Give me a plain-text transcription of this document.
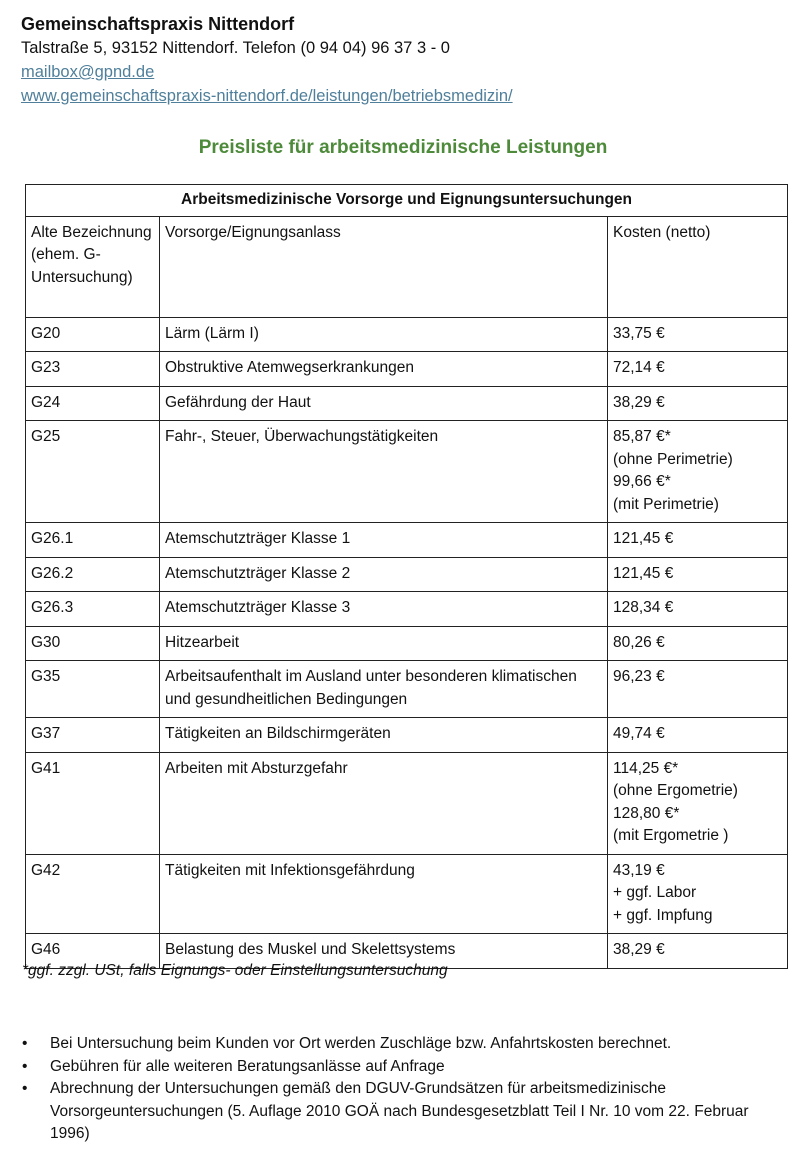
Gemeinschaftspraxis Nittendorf
Talstraße 5, 93152 Nittendorf. Telefon (0 94 04) 96 37 3 - 0
mailbox@gpnd.de
www.gemeinschaftspraxis-nittendorf.de/leistungen/betriebsmedizin/
Preisliste für arbeitsmedizinische Leistungen
Arbeitsmedizinische Vorsorge und Eignungsuntersuchungen		
Alte Bezeichnung (ehem. G-Untersuchung)	Vorsorge/Eignungsanlass	Kosten (netto)
G20	Lärm (Lärm I)	33,75 €

G23	Obstruktive Atemwegserkrankungen	72,14 €

G24	Gefährdung der Haut	38,29 €

G25	Fahr-, Steuer, Überwachungstätigkeiten	85,87 €*
(ohne Perimetrie)
99,66 €*
(mit Perimetrie)

G26.1	Atemschutzträger Klasse 1	121,45 €

G26.2	Atemschutzträger Klasse 2	121,45 €

G26.3	Atemschutzträger Klasse 3	128,34 €

G30	Hitzearbeit	80,26 €

G35	Arbeitsaufenthalt im Ausland unter besonderen klimatischen und gesundheitlichen Bedingungen	96,23 €

G37	Tätigkeiten an Bildschirmgeräten	49,74 €

G41	Arbeiten mit Absturzgefahr	114,25 €*
(ohne Ergometrie)
128,80 €*
(mit Ergometrie )

G42	Tätigkeiten mit Infektionsgefährdung	43,19 €
+ ggf. Labor
+ ggf. Impfung

G46	Belastung des Muskel und Skelettsystems	38,29 €
*ggf. zzgl. USt, falls Eignungs- oder Einstellungsuntersuchung
• Bei Untersuchung beim Kunden vor Ort werden Zuschläge bzw. Anfahrtskosten berechnet.
• Gebühren für alle weiteren Beratungsanlässe auf Anfrage
• Abrechnung der Untersuchungen gemäß den DGUV-Grundsätzen für arbeitsmedizinische Vorsorgeuntersuchungen (5. Auflage 2010 GOÄ nach Bundesgesetzblatt Teil I Nr. 10 vom 22. Februar 1996)
